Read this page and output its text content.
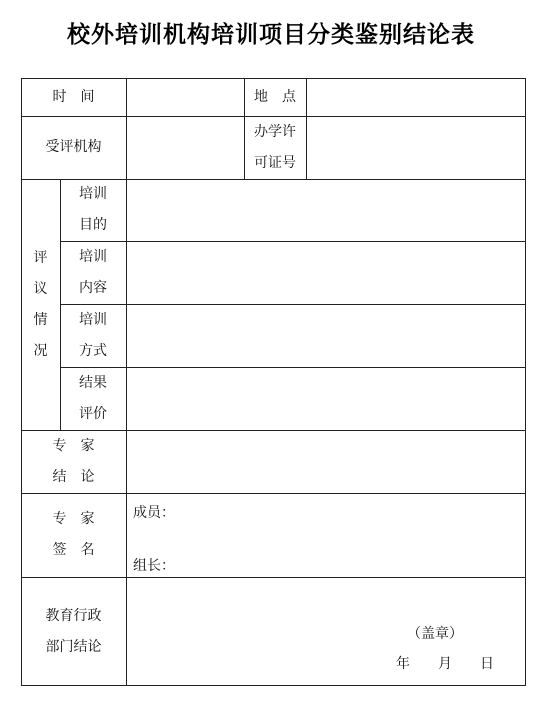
校外培训机构培训项目分类鉴别结论表
时　间	地　点
受评机构
办学许
可证号
评
议
情
况
培训
目的
培训
内容
培训
方式
结果
评价
专　家
结　论
专　家
签　名
成员：
组长：
教育行政
部门结论
（盖章）
年　　月　　日
